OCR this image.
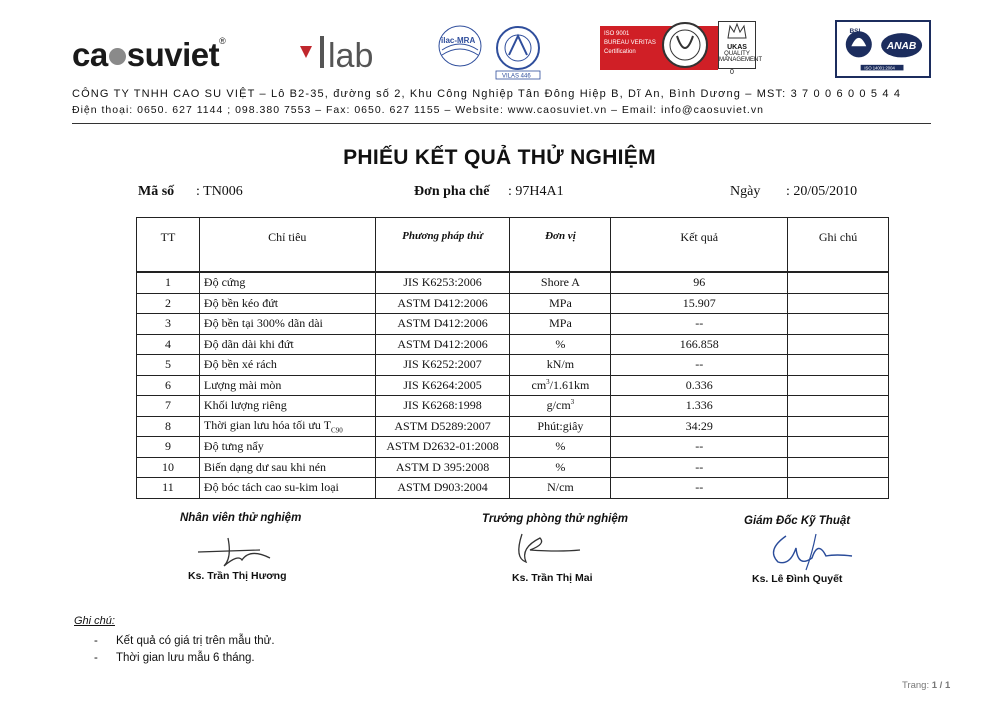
ca suviet®	lab	ilac-MRA
VILAS 446
ISO 9001
BUREAU VERITAS
Certification
UKAS
QUALITY
MANAGEMENT
0
BSI
ANAB
ISO 14001:2004
CÔNG TY TNHH CAO SU VIỆT – Lô B2-35, đường số 2, Khu Công Nghiệp Tân Đông Hiệp B, Dĩ An, Bình Dương – MST: 3 7 0 0 6 0 0 5 4 4
Điện thoại: 0650. 627 1144 ; 098.380 7553 – Fax: 0650. 627 1155 – Website: www.caosuviet.vn – Email: info@caosuviet.vn
PHIẾU KẾT QUẢ THỬ NGHIỆM
Mã số : TN006	Đơn pha chế : 97H4A1	Ngày : 20/05/2010
TT	Chỉ tiêu	Phương pháp thử	Đơn vị	Kết quả	Ghi chú
1	Độ cứng	JIS K6253:2006	Shore A	96	
2	Độ bền kéo đứt	ASTM D412:2006	MPa	15.907	
3	Độ bền tại 300% dãn dài	ASTM D412:2006	MPa	--	
4	Độ dãn dài khi đứt	ASTM D412:2006	%	166.858	
5	Độ bền xé rách	JIS K6252:2007	kN/m	--	
6	Lượng mài mòn	JIS K6264:2005	$cm^3/1.61km$	0.336	
7	Khối lượng riêng	JIS K6268:1998	$g/cm^3$	1.336	
8	Thời gian lưu hóa tối ưu $T_{C90}$	ASTM D5289:2007	Phút:giây	34:29	
9	Độ tưng nẩy	ASTM D2632-01:2008	%	--	
10	Biến dạng dư sau khi nén	ASTM D 395:2008	%	--	
11	Độ bóc tách cao su-kim loại	ASTM D903:2004	N/cm	--	
Nhân viên thử nghiệm
Ks. Trần Thị Hương
Trưởng phòng thử nghiệm
Ks. Trần Thị Mai
Giám Đốc Kỹ Thuật
Ks. Lê Đình Quyết
Ghi chú:
- Kết quả có giá trị trên mẫu thử.
- Thời gian lưu mẫu 6 tháng.
Trang: 1 / 1
